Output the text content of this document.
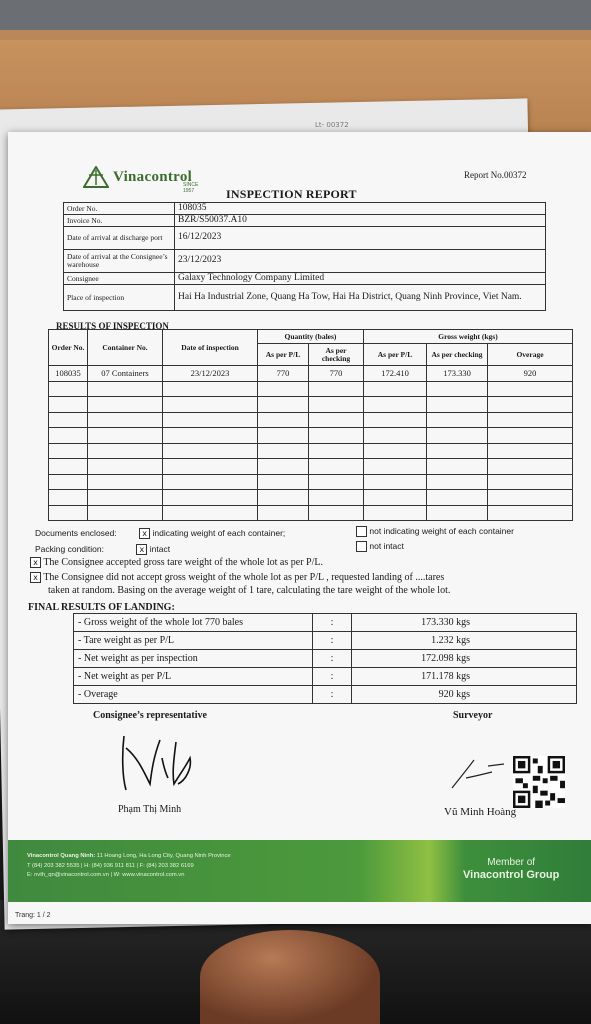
Lt- 00372
Vinacontrol
SINCE 1957
Report No.00372
INSPECTION REPORT
Order No.	108035
Invoice No.	BZR/S50037.A10
Date of arrival at discharge port	16/12/2023
Date of arrival at the Consignee’s warehouse	23/12/2023
Consignee	Galaxy Technology Company Limited
Place of inspection	Hai Ha Industrial Zone, Quang Ha Tow, Hai Ha District, Quang Ninh Province, Viet Nam.
RESULTS OF INSPECTION
Order No.	Container No.	Date of inspection	Quantity (bales)		Gross weight (kgs)		
			As per P/L	As per checking	As per P/L	As per checking	Overage
108035	07 Containers	23/12/2023	770	770	172.410	173.330	920

Documents enclosed:	x indicating weight of each container;	not indicating weight of each container
Packing condition:	x intact	not intact
x The Consignee accepted gross tare weight of the whole lot as per P/L.
x The Consignee did not accept gross weight of the whole lot as per P/L , requested landing of ....tares
taken at random. Basing on the average weight of 1 tare, calculating the tare weight of the whole lot.
FINAL RESULTS OF LANDING:
- Gross weight of the whole lot 770 bales	:	173.330 kgs
- Tare weight as per P/L	:	1.232 kgs
- Net weight as per inspection	:	172.098 kgs
- Net weight as per P/L	:	171.178 kgs
- Overage	:	920 kgs
Consignee’s representative	Surveyor
Phạm Thị Minh	Vũ Minh Hoàng
Vinacontrol Quang Ninh: 11 Hoang Long, Ha Long City, Quang Ninh Province
T (84) 203 382 5535 | H: (84) 936 911 811 | F: (84) 203 382 6169
E: nvth_qn@vinacontrol.com.vn | W: www.vinacontrol.com.vn
Member of
Vinacontrol Group
Trang: 1 / 2
